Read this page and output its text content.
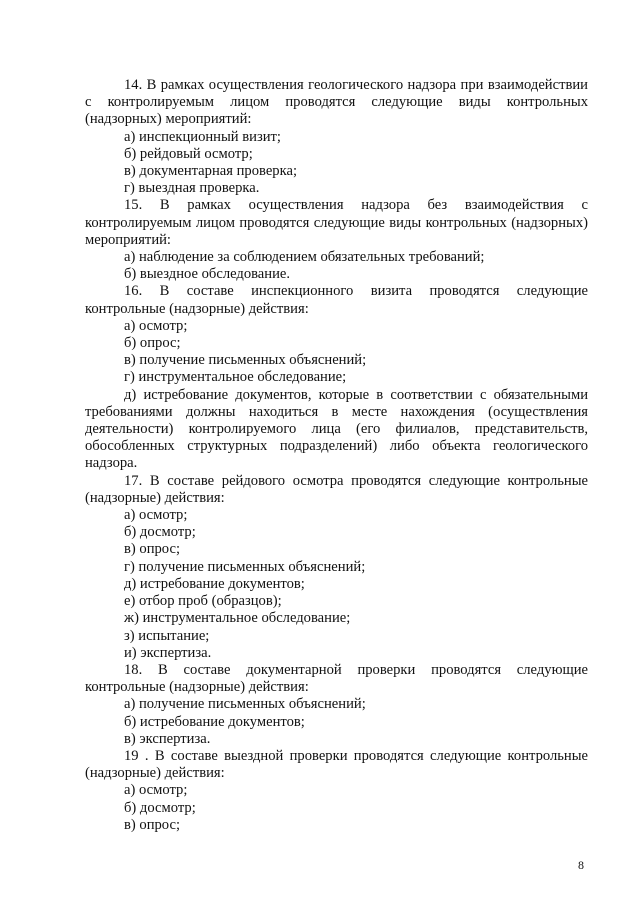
14. В рамках осуществления геологического надзора при взаимодействии с контролируемым лицом проводятся следующие виды контрольных (надзорных) мероприятий:

а) инспекционный визит;
б) рейдовый осмотр;
в) документарная проверка;
г) выездная проверка.

15. В рамках осуществления надзора без взаимодействия с контролируемым лицом проводятся следующие виды контрольных (надзорных) мероприятий:

а) наблюдение за соблюдением обязательных требований;
б) выездное обследование.

16. В составе инспекционного визита проводятся следующие контрольные (надзорные) действия:

а) осмотр;
б) опрос;
в) получение письменных объяснений;
г) инструментальное обследование;

д) истребование документов, которые в соответствии с обязательными требованиями должны находиться в месте нахождения (осуществления деятельности) контролируемого лица (его филиалов, представительств, обособленных структурных подразделений) либо объекта геологического надзора.

17. В составе рейдового осмотра проводятся следующие контрольные (надзорные) действия:

а) осмотр;
б) досмотр;
в) опрос;
г) получение письменных объяснений;
д) истребование документов;
е) отбор проб (образцов);
ж) инструментальное обследование;
з) испытание;
и) экспертиза.

18. В составе документарной проверки проводятся следующие контрольные (надзорные) действия:

а) получение письменных объяснений;
б) истребование документов;
в) экспертиза.

19 . В составе выездной проверки проводятся следующие контрольные (надзорные) действия:

а) осмотр;
б) досмотр;
в) опрос;
8
